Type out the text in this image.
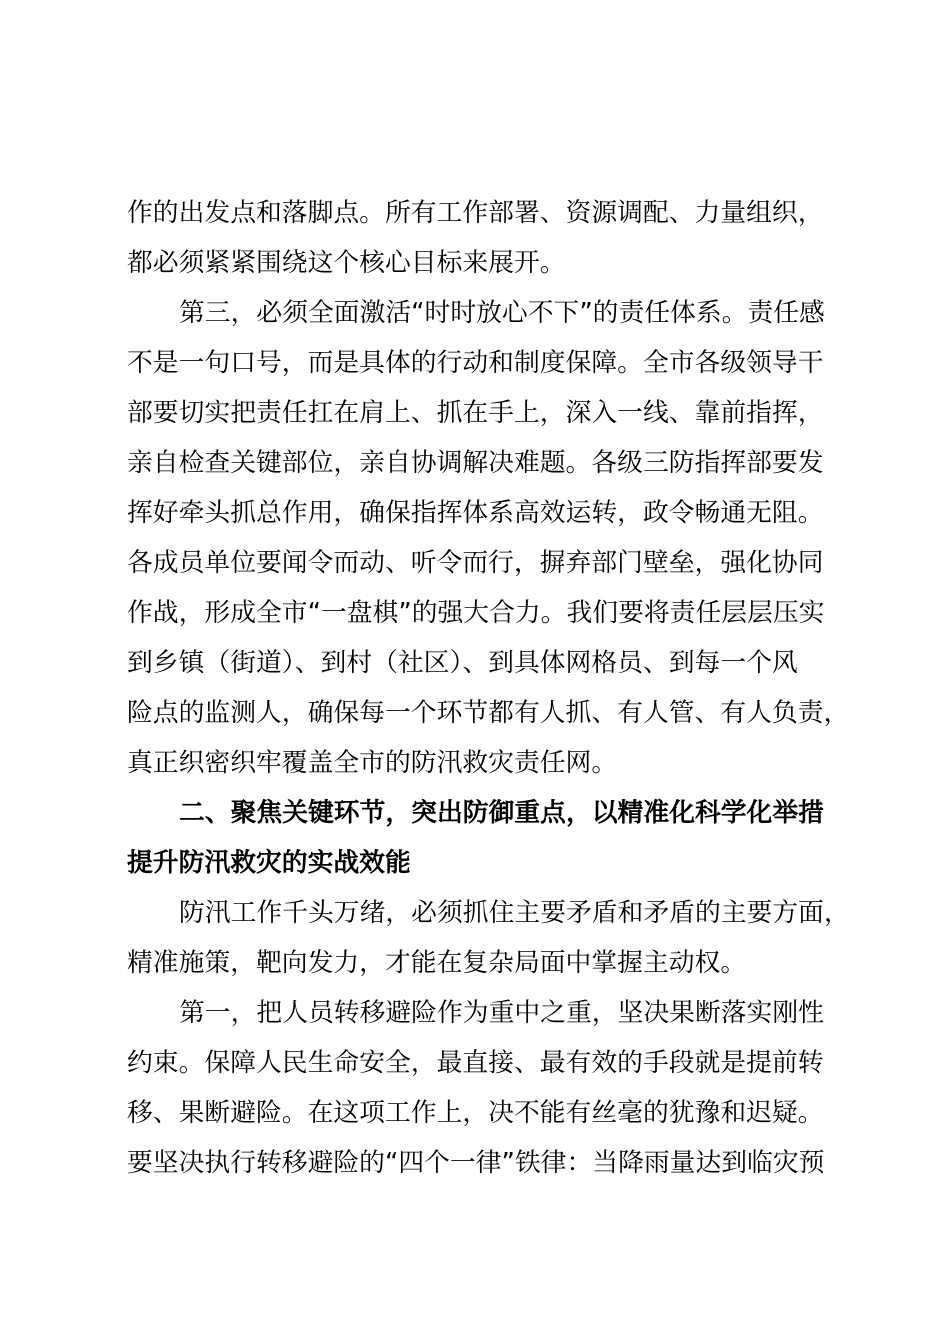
作的出发点和落脚点。所有工作部署、资源调配、力量组织，
都必须紧紧围绕这个核心目标来展开。
第三，必须全面激活“时时放心不下”的责任体系。责任感
不是一句口号，而是具体的行动和制度保障。全市各级领导干
部要切实把责任扛在肩上、抓在手上，深入一线、靠前指挥，
亲自检查关键部位，亲自协调解决难题。各级三防指挥部要发
挥好牵头抓总作用，确保指挥体系高效运转，政令畅通无阻。
各成员单位要闻令而动、听令而行，摒弃部门壁垒，强化协同
作战，形成全市“一盘棋”的强大合力。我们要将责任层层压实
到乡镇（街道）、到村（社区）、到具体网格员、到每一个风
险点的监测人，确保每一个环节都有人抓、有人管、有人负责，
真正织密织牢覆盖全市的防汛救灾责任网。
二、聚焦关键环节，突出防御重点，以精准化科学化举措
提升防汛救灾的实战效能
防汛工作千头万绪，必须抓住主要矛盾和矛盾的主要方面，
精准施策，靶向发力，才能在复杂局面中掌握主动权。
第一，把人员转移避险作为重中之重，坚决果断落实刚性
约束。保障人民生命安全，最直接、最有效的手段就是提前转
移、果断避险。在这项工作上，决不能有丝毫的犹豫和迟疑。
要坚决执行转移避险的“四个一律”铁律：当降雨量达到临灾预
